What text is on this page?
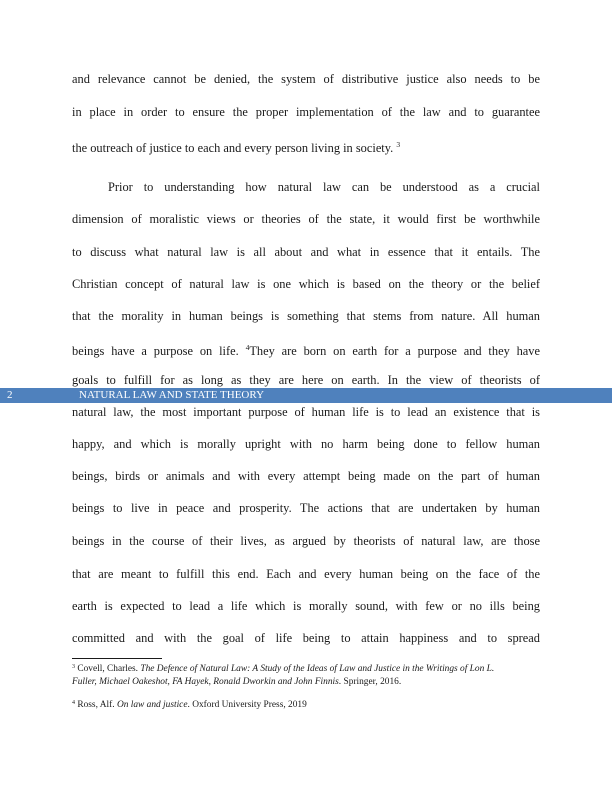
and relevance cannot be denied, the system of distributive justice also needs to be
in place in order to ensure the proper implementation of the law and to guarantee
the outreach of justice to each and every person living in society. $^3$
Prior to understanding how natural law can be understood as a crucial
dimension of moralistic views or theories of the state, it would first be worthwhile
to discuss what natural law is all about and what in essence that it entails. The
Christian concept of natural law is one which is based on the theory or the belief
that the morality in human beings is something that stems from nature. All human
beings have a purpose on life. $^4$They are born on earth for a purpose and they have
goals to fulfill for as long as they are here on earth. In the view of theorists of
2	NATURAL LAW AND STATE THEORY
natural law, the most important purpose of human life is to lead an existence that is
happy, and which is morally upright with no harm being done to fellow human
beings, birds or animals and with every attempt being made on the part of human
beings to live in peace and prosperity. The actions that are undertaken by human
beings in the course of their lives, as argued by theorists of natural law, are those
that are meant to fulfill this end. Each and every human being on the face of the
earth is expected to lead a life which is morally sound, with few or no ills being
committed and with the goal of life being to attain happiness and to spread
$^3$ Covell, Charles. The Defence of Natural Law: A Study of the Ideas of Law and Justice in the Writings of Lon L.
Fuller, Michael Oakeshot, FA Hayek, Ronald Dworkin and John Finnis. Springer, 2016.
$^4$ Ross, Alf. On law and justice. Oxford University Press, 2019
